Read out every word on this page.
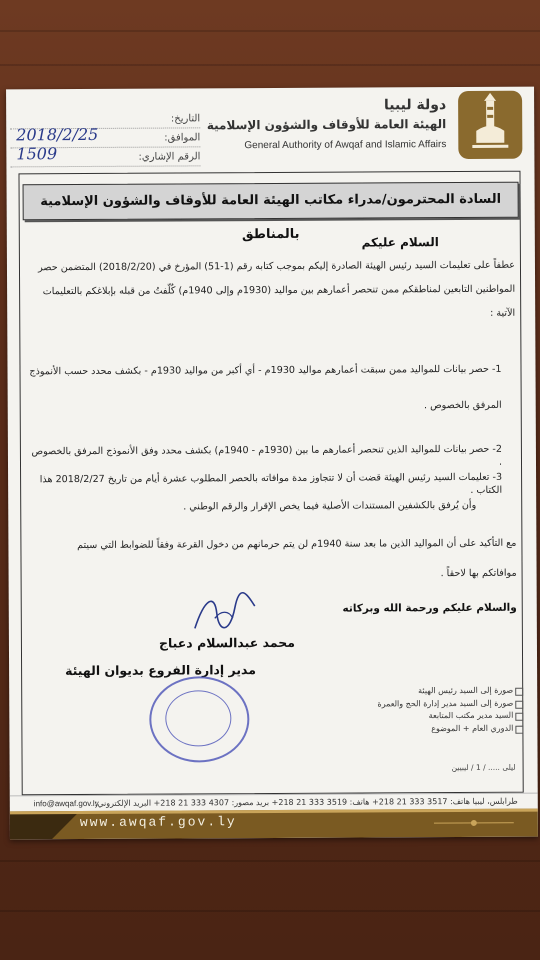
التاريخ:
الموافق:
2018/2/25
الرقم الإشاري:
1509
دولة ليبيا
الهيئة العامة للأوقاف والشؤون الإسلامية
General Authority of Awqaf and Islamic Affairs
السادة المحترمون/مدراء مكاتب الهيئة العامة للأوقاف والشؤون الإسلامية بالمناطق
السلام عليكم
عطفاً على تعليمات السيد رئيس الهيئة الصادرة إليكم بموجب كتابه رقم (1-51) المؤرخ في (2018/2/20) المتضمن حصر
المواطنين التابعين لمناطقكم ممن تنحصر أعمارهم بين مواليد (1930م وإلى 1940م) كُلّفتُ من قبله بإبلاغكم بالتعليمات
الآتية :
1- حصر بيانات للمواليد ممن سبقت أعمارهم مواليد 1930م - أي أكبر من مواليد 1930م - بكشف محدد حسب الأنموذج
المرفق بالخصوص .
2- حصر بيانات للمواليد الذين تنحصر أعمارهم ما بين (1930م - 1940م) بكشف محدد وفق الأنموذج المرفق بالخصوص .
3- تعليمات السيد رئيس الهيئة قضت أن لا تتجاوز مدة موافاته بالحصر المطلوب عشرة أيام من تاريخ 2018/2/27 هذا الكتاب .
وأن يُرفق بالكشفين المستندات الأصلية فيما يخص الإقرار والرقم الوطني .
مع التأكيد على أن المواليد الذين ما بعد سنة 1940م لن يتم حرمانهم من دخول القرعة وفقاً للضوابط التي سيتم
موافاتكم بها لاحقاً .
والسلام عليكم ورحمة الله وبركاته
محمد عبدالسلام دعباج
مدير إدارة الفروع بديوان الهيئة
صورة إلى السيد رئيس الهيئة
صورة إلى السيد مدير إدارة الحج والعمرة
السيد مدير مكتب المتابعة
الدوري العام + الموضوع
ليلى ..... / 1 / ليبيين
info@awqaf.gov.ly
طرابلس، ليبيا هاتف: 3517 333 21 218+ هاتف: 3519 333 21 218+ بريد مصور: 4307 333 21 218+ البريد الإلكتروني:
www.awqaf.gov.ly
